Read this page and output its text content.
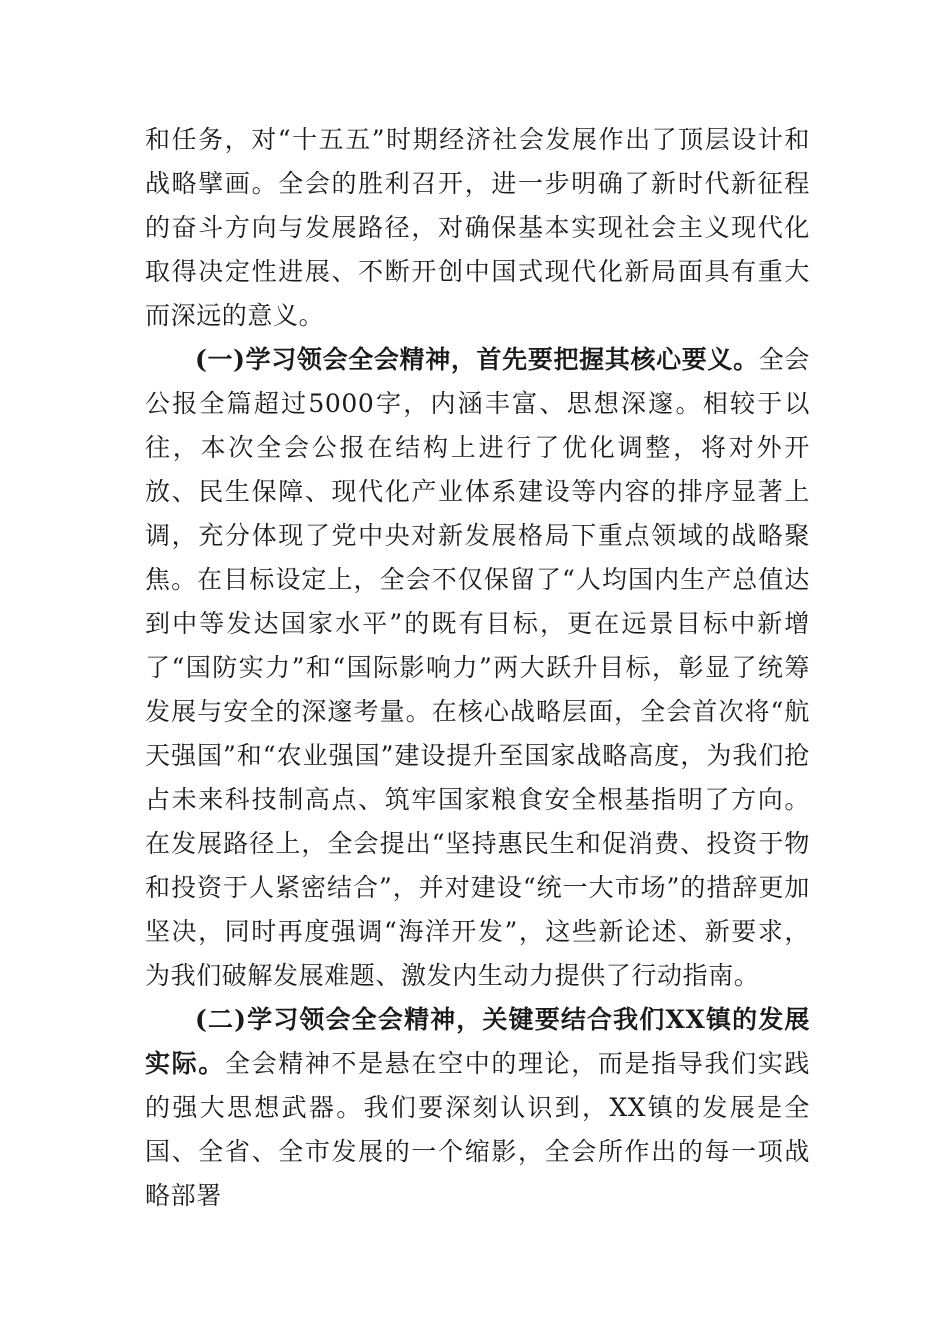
和任务，对“十五五”时期经济社会发展作出了顶层设计和战略擘画。全会的胜利召开，进一步明确了新时代新征程的奋斗方向与发展路径，对确保基本实现社会主义现代化取得决定性进展、不断开创中国式现代化新局面具有重大而深远的意义。

(一)学习领会全会精神，首先要把握其核心要义。全会公报全篇超过5000字，内涵丰富、思想深邃。相较于以往，本次全会公报在结构上进行了优化调整，将对外开放、民生保障、现代化产业体系建设等内容的排序显著上调，充分体现了党中央对新发展格局下重点领域的战略聚焦。在目标设定上，全会不仅保留了“人均国内生产总值达到中等发达国家水平”的既有目标，更在远景目标中新增了“国防实力”和“国际影响力”两大跃升目标，彰显了统筹发展与安全的深邃考量。在核心战略层面，全会首次将“航天强国”和“农业强国”建设提升至国家战略高度，为我们抢占未来科技制高点、筑牢国家粮食安全根基指明了方向。在发展路径上，全会提出“坚持惠民生和促消费、投资于物和投资于人紧密结合”，并对建设“统一大市场”的措辞更加坚决，同时再度强调“海洋开发”，这些新论述、新要求，为我们破解发展难题、激发内生动力提供了行动指南。

(二)学习领会全会精神，关键要结合我们XX镇的发展实际。全会精神不是悬在空中的理论，而是指导我们实践的强大思想武器。我们要深刻认识到，XX镇的发展是全国、全省、全市发展的一个缩影，全会所作出的每一项战略部署
